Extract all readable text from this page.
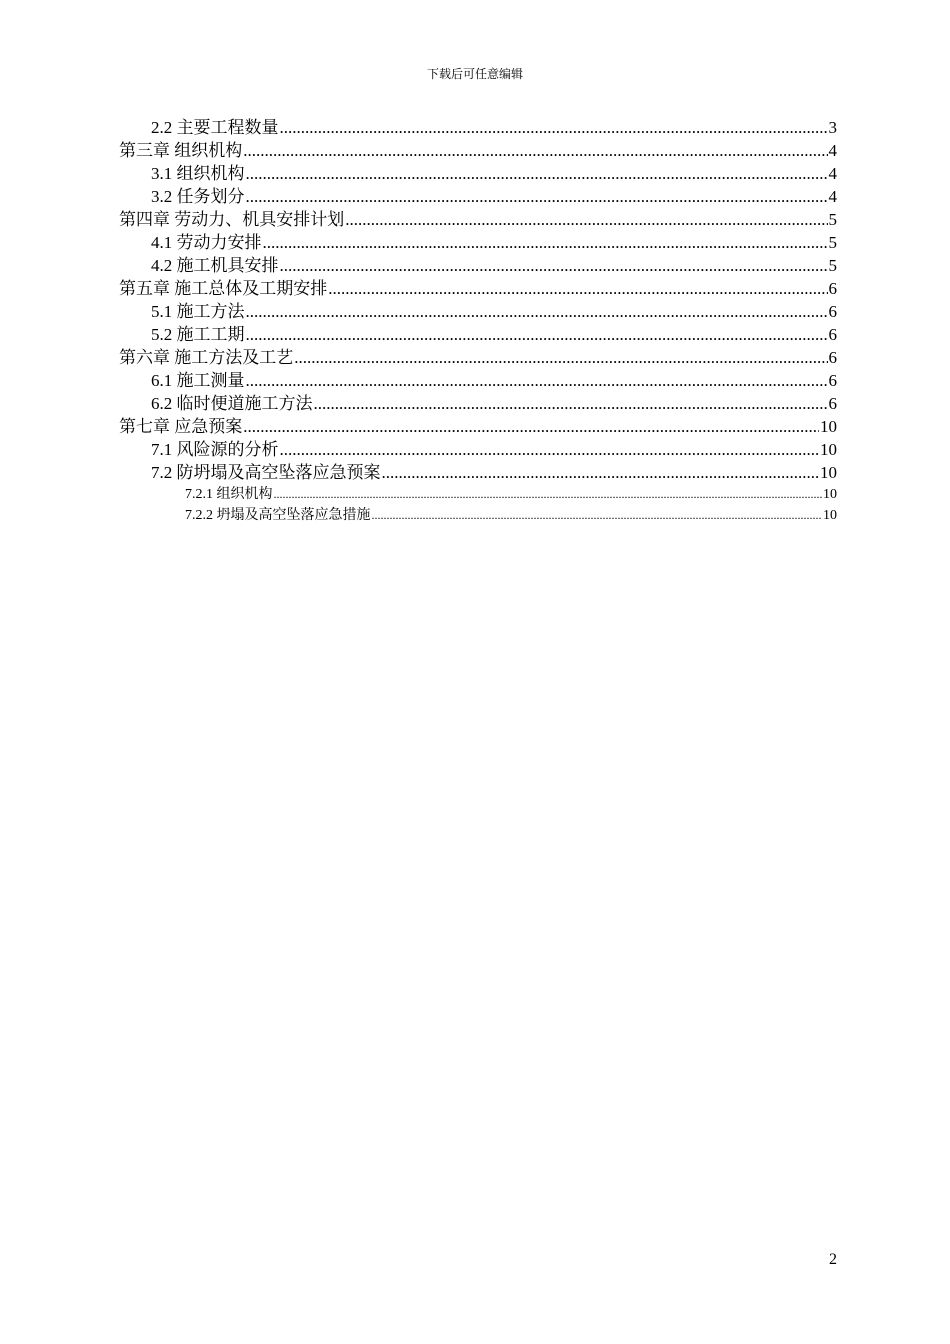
下载后可任意编辑
2.2 主要工程数量 .....	3
第三章 组织机构 .....	4
3.1 组织机构 .....	4
3.2 任务划分 .....	4
第四章 劳动力、机具安排计划 .....	5
4.1 劳动力安排 .....	5
4.2 施工机具安排 .....	5
第五章 施工总体及工期安排 .....	6
5.1 施工方法 .....	6
5.2 施工工期 .....	6
第六章 施工方法及工艺 .....	6
6.1 施工测量 .....	6
6.2 临时便道施工方法 .....	6
第七章 应急预案 .....	10
7.1 风险源的分析 .....	10
7.2 防坍塌及高空坠落应急预案 .....	10
7.2.1 组织机构 .....	10
7.2.2 坍塌及高空坠落应急措施 .....	10
2
